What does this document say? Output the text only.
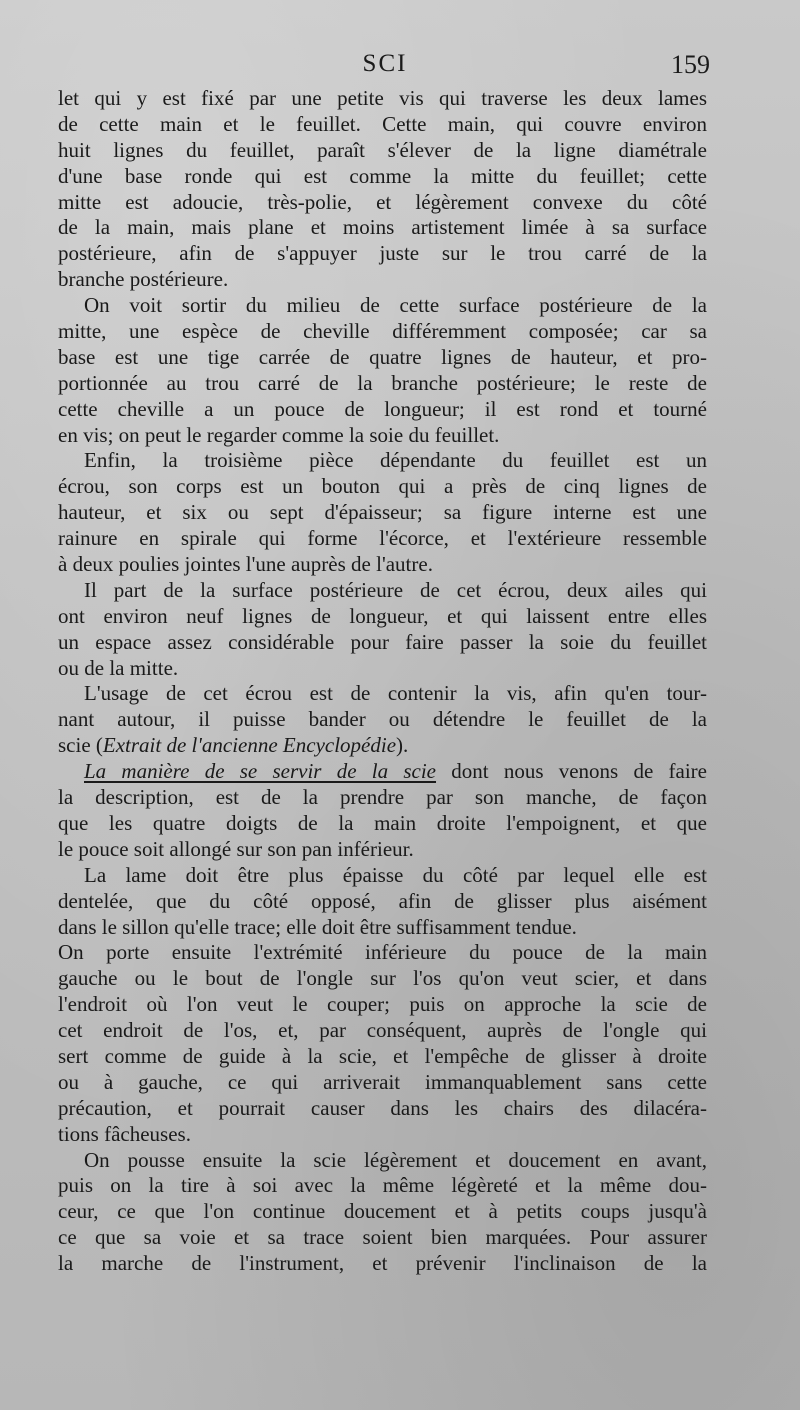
SCI	159
let qui y est fixé par une petite vis qui traverse les deux lames
de cette main et le feuillet. Cette main, qui couvre environ
huit lignes du feuillet, paraît s'élever de la ligne diamétrale
d'une base ronde qui est comme la mitte du feuillet; cette
mitte est adoucie, très-polie, et légèrement convexe du côté
de la main, mais plane et moins artistement limée à sa surface
postérieure, afin de s'appuyer juste sur le trou carré de la
branche postérieure.
On voit sortir du milieu de cette surface postérieure de la
mitte, une espèce de cheville différemment composée; car sa
base est une tige carrée de quatre lignes de hauteur, et pro-
portionnée au trou carré de la branche postérieure; le reste de
cette cheville a un pouce de longueur; il est rond et tourné
en vis; on peut le regarder comme la soie du feuillet.
Enfin, la troisième pièce dépendante du feuillet est un
écrou, son corps est un bouton qui a près de cinq lignes de
hauteur, et six ou sept d'épaisseur; sa figure interne est une
rainure en spirale qui forme l'écorce, et l'extérieure ressemble
à deux poulies jointes l'une auprès de l'autre.
Il part de la surface postérieure de cet écrou, deux ailes qui
ont environ neuf lignes de longueur, et qui laissent entre elles
un espace assez considérable pour faire passer la soie du feuillet
ou de la mitte.
L'usage de cet écrou est de contenir la vis, afin qu'en tour-
nant autour, il puisse bander ou détendre le feuillet de la
scie (Extrait de l'ancienne Encyclopédie).
La manière de se servir de la scie dont nous venons de faire
la description, est de la prendre par son manche, de façon
que les quatre doigts de la main droite l'empoignent, et que
le pouce soit allongé sur son pan inférieur.
La lame doit être plus épaisse du côté par lequel elle est
dentelée, que du côté opposé, afin de glisser plus aisément
dans le sillon qu'elle trace; elle doit être suffisamment tendue.
On porte ensuite l'extrémité inférieure du pouce de la main
gauche ou le bout de l'ongle sur l'os qu'on veut scier, et dans
l'endroit où l'on veut le couper; puis on approche la scie de
cet endroit de l'os, et, par conséquent, auprès de l'ongle qui
sert comme de guide à la scie, et l'empêche de glisser à droite
ou à gauche, ce qui arriverait immanquablement sans cette
précaution, et pourrait causer dans les chairs des dilacéra-
tions fâcheuses.
On pousse ensuite la scie légèrement et doucement en avant,
puis on la tire à soi avec la même légèreté et la même dou-
ceur, ce que l'on continue doucement et à petits coups jusqu'à
ce que sa voie et sa trace soient bien marquées. Pour assurer
la marche de l'instrument, et prévenir l'inclinaison de la
